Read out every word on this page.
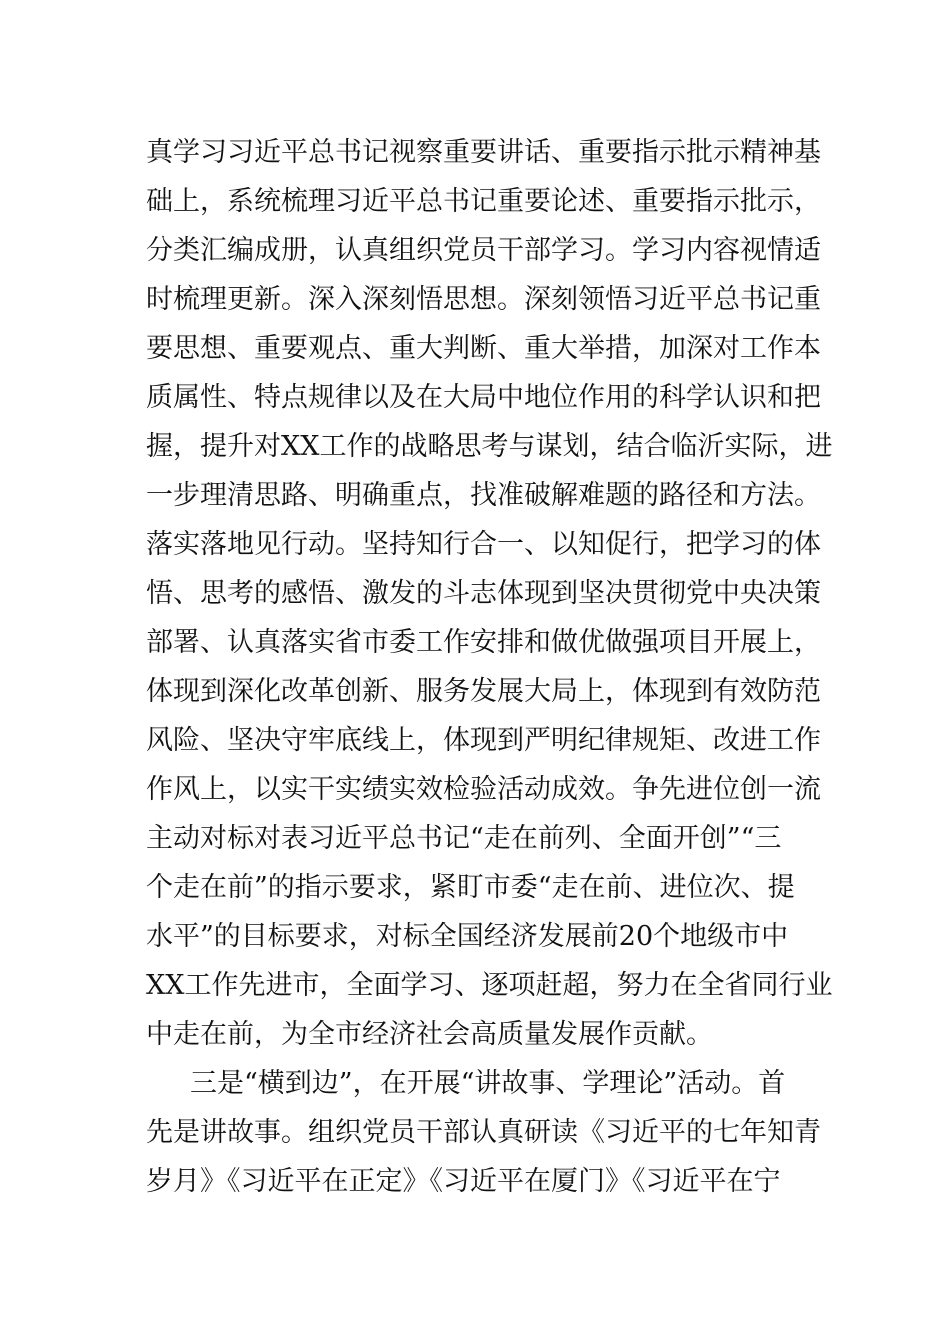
真学习习近平总书记视察重要讲话、重要指示批示精神基
础上，系统梳理习近平总书记重要论述、重要指示批示，
分类汇编成册，认真组织党员干部学习。学习内容视情适
时梳理更新。深入深刻悟思想。深刻领悟习近平总书记重
要思想、重要观点、重大判断、重大举措，加深对工作本
质属性、特点规律以及在大局中地位作用的科学认识和把
握，提升对XX工作的战略思考与谋划，结合临沂实际，进
一步理清思路、明确重点，找准破解难题的路径和方法。
落实落地见行动。坚持知行合一、以知促行，把学习的体
悟、思考的感悟、激发的斗志体现到坚决贯彻党中央决策
部署、认真落实省市委工作安排和做优做强项目开展上，
体现到深化改革创新、服务发展大局上，体现到有效防范
风险、坚决守牢底线上，体现到严明纪律规矩、改进工作
作风上，以实干实绩实效检验活动成效。争先进位创一流
主动对标对表习近平总书记“走在前列、全面开创”“三
个走在前”的指示要求，紧盯市委“走在前、进位次、提
水平”的目标要求，对标全国经济发展前20个地级市中
XX工作先进市，全面学习、逐项赶超，努力在全省同行业
中走在前，为全市经济社会高质量发展作贡献。
三是“横到边”，在开展“讲故事、学理论”活动。首
先是讲故事。组织党员干部认真研读《习近平的七年知青
岁月》《习近平在正定》《习近平在厦门》《习近平在宁
